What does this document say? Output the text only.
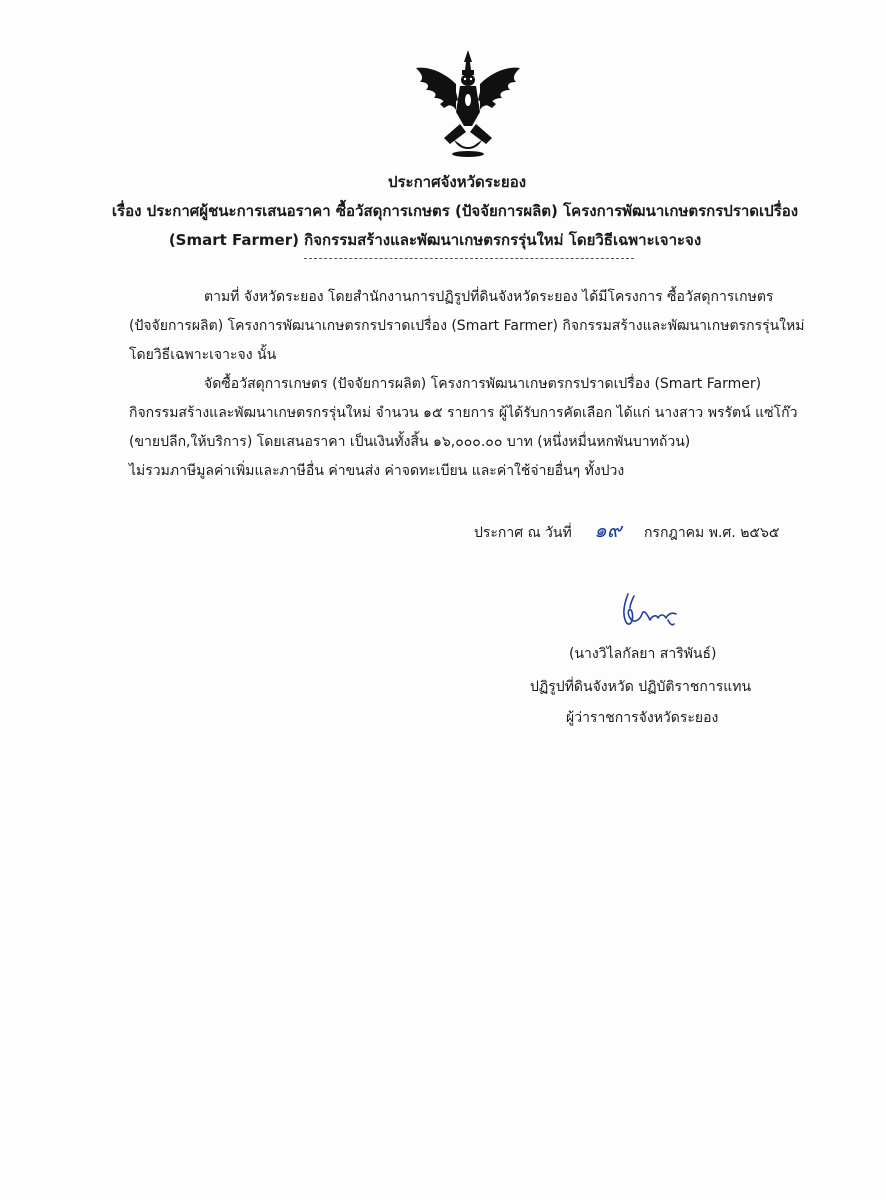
ประกาศจังหวัดระยอง
เรื่อง ประกาศผู้ชนะการเสนอราคา ซื้อวัสดุการเกษตร (ปัจจัยการผลิต) โครงการพัฒนาเกษตรกรปราดเปรื่อง
(Smart Farmer) กิจกรรมสร้างและพัฒนาเกษตรกรรุ่นใหม่ โดยวิธีเฉพาะเจาะจง
ตามที่ จังหวัดระยอง โดยสำนักงานการปฏิรูปที่ดินจังหวัดระยอง ได้มีโครงการ ซื้อวัสดุการเกษตร
(ปัจจัยการผลิต) โครงการพัฒนาเกษตรกรปราดเปรื่อง (Smart Farmer) กิจกรรมสร้างและพัฒนาเกษตรกรรุ่นใหม่
โดยวิธีเฉพาะเจาะจง นั้น
จัดซื้อวัสดุการเกษตร (ปัจจัยการผลิต) โครงการพัฒนาเกษตรกรปราดเปรื่อง (Smart Farmer)
กิจกรรมสร้างและพัฒนาเกษตรกรรุ่นใหม่ จำนวน ๑๕ รายการ ผู้ได้รับการคัดเลือก ได้แก่ นางสาว พรรัตน์ แซ่โก๊ว
(ขายปลีก,ให้บริการ) โดยเสนอราคา เป็นเงินทั้งสิ้น ๑๖,๐๐๐.๐๐ บาท (หนึ่งหมื่นหกพันบาทถ้วน)
ไม่รวมภาษีมูลค่าเพิ่มและภาษีอื่น ค่าขนส่ง ค่าจดทะเบียน และค่าใช้จ่ายอื่นๆ ทั้งปวง
ประกาศ ณ วันที่ ๑๙ กรกฎาคม พ.ศ. ๒๕๖๕
(นางวิไลกัลยา สาริพันธ์)
ปฏิรูปที่ดินจังหวัด ปฏิบัติราชการแทน
ผู้ว่าราชการจังหวัดระยอง
